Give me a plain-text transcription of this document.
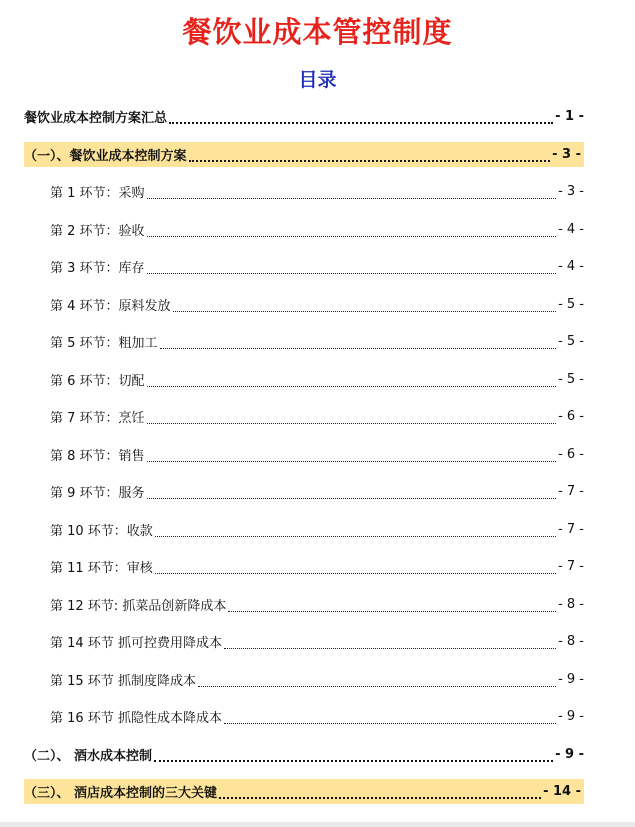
餐饮业成本管控制度
目录
餐饮业成本控制方案汇总	- 1 -
（一）、餐饮业成本控制方案	- 3 -
第 1 环节：采购	- 3 -
第 2 环节：验收	- 4 -
第 3 环节：库存	- 4 -
第 4 环节：原料发放	- 5 -
第 5 环节：粗加工	- 5 -
第 6 环节：切配	- 5 -
第 7 环节：烹饪	- 6 -
第 8 环节：销售	- 6 -
第 9 环节：服务	- 7 -
第 10 环节：收款	- 7 -
第 11 环节：审核	- 7 -
第 12 环节: 抓菜品创新降成本	- 8 -
第 14 环节 抓可控费用降成本	- 8 -
第 15 环节 抓制度降成本	- 9 -
第 16 环节 抓隐性成本降成本	- 9 -
（二）、 酒水成本控制	- 9 -
（三）、 酒店成本控制的三大关键	- 14 -
